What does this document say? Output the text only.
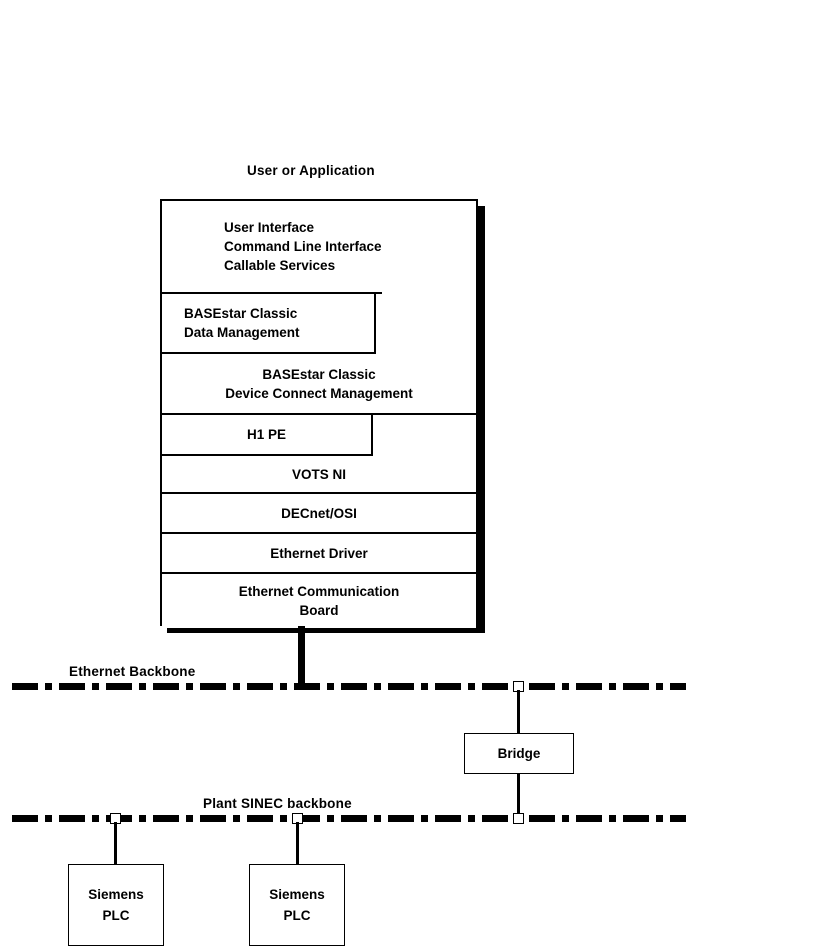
User or Application
User Interface
Command Line Interface
Callable Services
BASEstar Classic
Data Management
BASEstar Classic
Device Connect Management
H1 PE
VOTS NI
DECnet/OSI
Ethernet Driver
Ethernet Communication
Board
Ethernet Backbone
Bridge
Plant SINEC backbone
Siemens
PLC
Siemens
PLC
